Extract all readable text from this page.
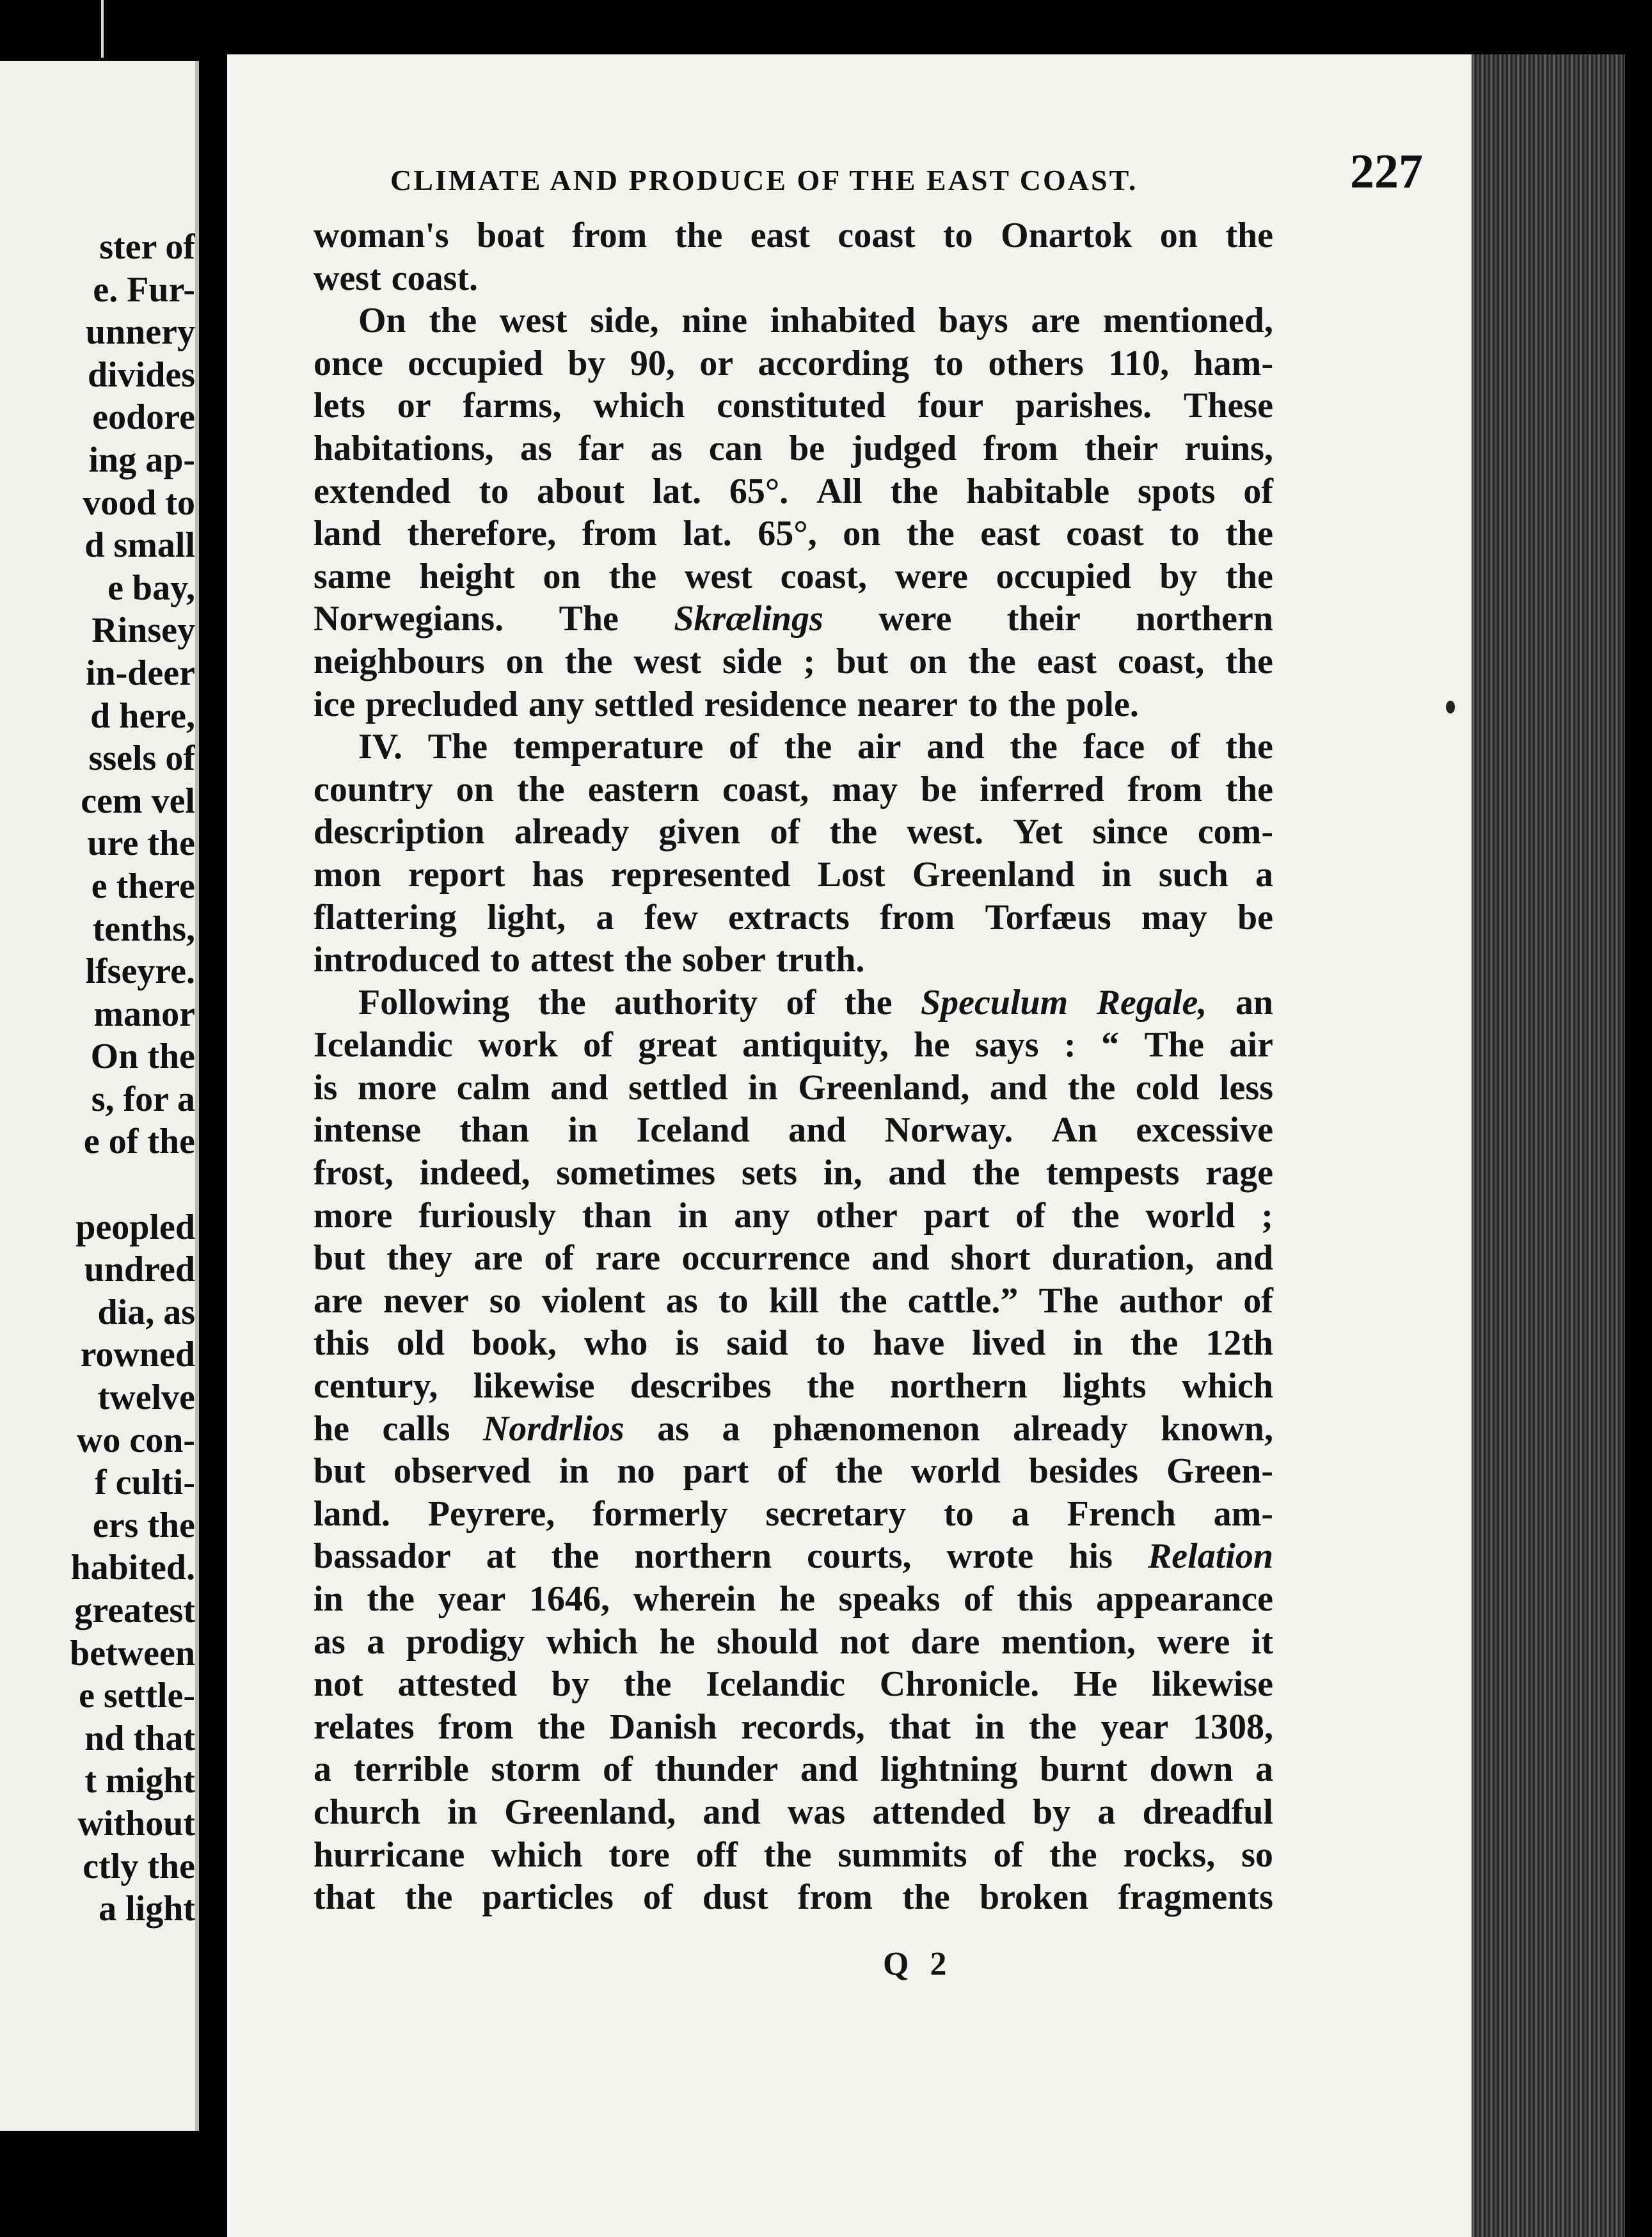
ster of
e. Fur-
unnery
divides
eodore
ing ap-
vood to
d small
e bay,
Rinsey
in-deer
d here,
ssels of
cem vel
ure the
e there
tenths,
lfseyre.
manor
On the
s, for a
e of the

peopled
undred
dia, as
rowned
twelve
wo con-
f culti-
ers the
habited.
greatest
between
e settle-
nd that
t might
without
ctly the
a light
CLIMATE AND PRODUCE OF THE EAST COAST.	227
woman's boat from the east coast to Onartok on the
west coast.
On the west side, nine inhabited bays are mentioned,
once occupied by 90, or according to others 110, ham-
lets or farms, which constituted four parishes. These
habitations, as far as can be judged from their ruins,
extended to about lat. 65°. All the habitable spots of
land therefore, from lat. 65°, on the east coast to the
same height on the west coast, were occupied by the
Norwegians. The Skrælings were their northern
neighbours on the west side ; but on the east coast, the
ice precluded any settled residence nearer to the pole.
IV. The temperature of the air and the face of the
country on the eastern coast, may be inferred from the
description already given of the west. Yet since com-
mon report has represented Lost Greenland in such a
flattering light, a few extracts from Torfæus may be
introduced to attest the sober truth.
Following the authority of the Speculum Regale, an
Icelandic work of great antiquity, he says : “ The air
is more calm and settled in Greenland, and the cold less
intense than in Iceland and Norway. An excessive
frost, indeed, sometimes sets in, and the tempests rage
more furiously than in any other part of the world ;
but they are of rare occurrence and short duration, and
are never so violent as to kill the cattle.” The author of
this old book, who is said to have lived in the 12th
century, likewise describes the northern lights which
he calls Nordrlios as a phænomenon already known,
but observed in no part of the world besides Green-
land. Peyrere, formerly secretary to a French am-
bassador at the northern courts, wrote his Relation
in the year 1646, wherein he speaks of this appearance
as a prodigy which he should not dare mention, were it
not attested by the Icelandic Chronicle. He likewise
relates from the Danish records, that in the year 1308,
a terrible storm of thunder and lightning burnt down a
church in Greenland, and was attended by a dreadful
hurricane which tore off the summits of the rocks, so
that the particles of dust from the broken fragments
Q 2
